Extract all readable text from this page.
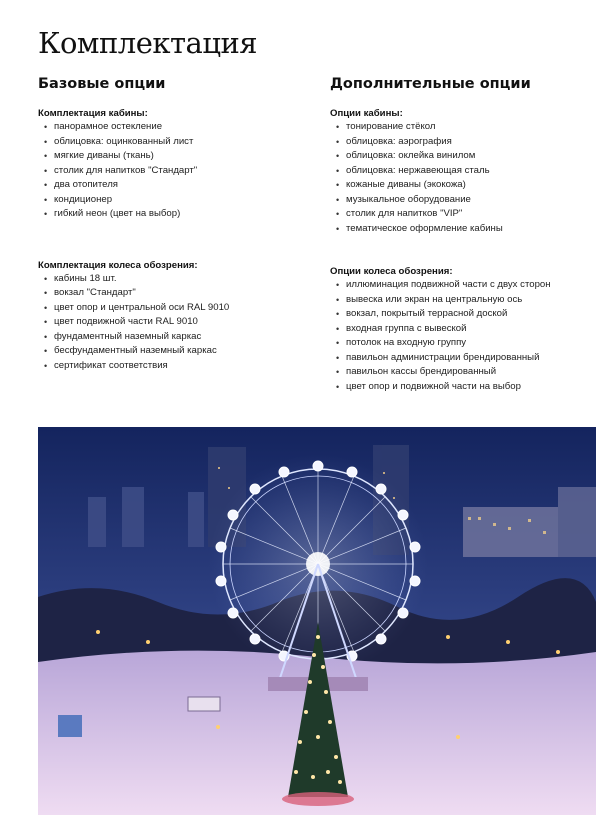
Комплектация
Базовые опции

Комплектация кабины:

• панорамное остекление
• облицовка: оцинкованный лист
• мягкие диваны (ткань)
• столик для напитков "Стандарт"
• два отопителя
• кондиционер
• гибкий неон (цвет на выбор)

Комплектация колеса обозрения:

• кабины 18 шт.
• вокзал "Стандарт"
• цвет опор и центральной оси RAL 9010
• цвет подвижной части RAL 9010
• фундаментный наземный каркас
• бесфундаментный наземный каркас
• сертификат соответствия
Дополнительные опции

Опции кабины:

• тонирование стёкол
• облицовка: аэрография
• облицовка: оклейка винилом
• облицовка: нержавеющая сталь
• кожаные диваны (экокожа)
• музыкальное оборудование
• столик для напитков "VIP"
• тематическое оформление кабины

Опции колеса обозрения:

• иллюминация подвижной части с двух сторон
• вывеска или экран на центральную ось
• вокзал, покрытый террасной доской
• входная группа с вывеской
• потолок на входную группу
• павильон администрации брендированный
• павильон кассы брендированный
• цвет опор и подвижной части на выбор
